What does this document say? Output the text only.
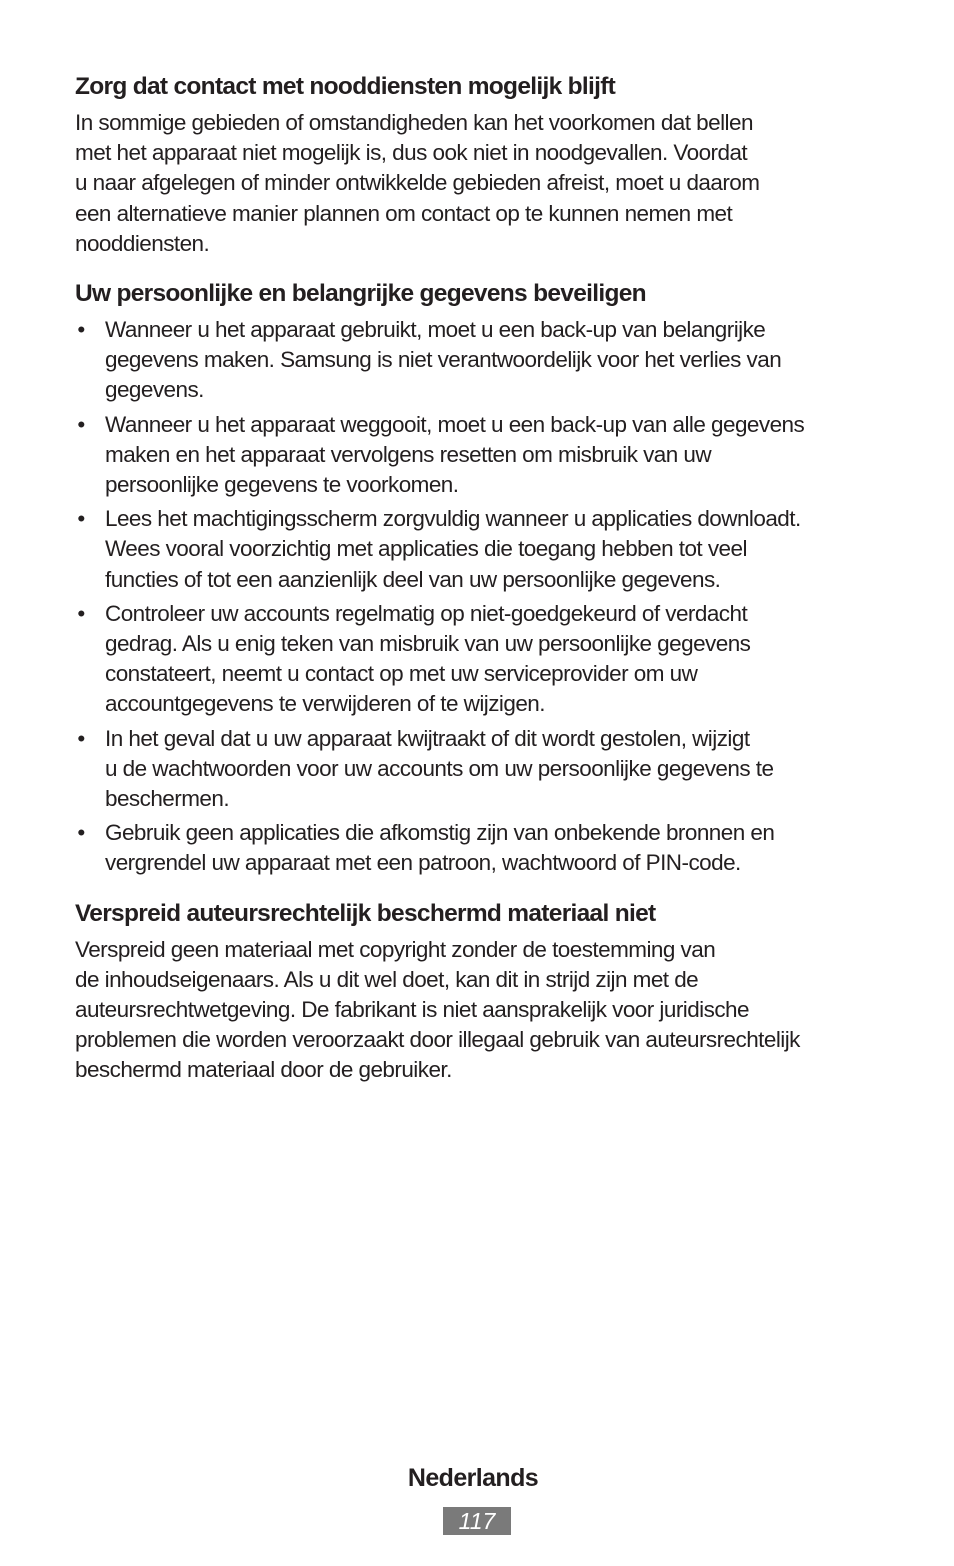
Zorg dat contact met nooddiensten mogelijk blijft

In sommige gebieden of omstandigheden kan het voorkomen dat bellen
met het apparaat niet mogelijk is, dus ook niet in noodgevallen. Voordat
u naar afgelegen of minder ontwikkelde gebieden afreist, moet u daarom
een alternatieve manier plannen om contact op te kunnen nemen met
nooddiensten.

Uw persoonlijke en belangrijke gegevens beveiligen
• Wanneer u het apparaat gebruikt, moet u een back-up van belangrijke
gegevens maken. Samsung is niet verantwoordelijk voor het verlies van
gegevens.
• Wanneer u het apparaat weggooit, moet u een back-up van alle gegevens
maken en het apparaat vervolgens resetten om misbruik van uw
persoonlijke gegevens te voorkomen.
• Lees het machtigingsscherm zorgvuldig wanneer u applicaties downloadt.
Wees vooral voorzichtig met applicaties die toegang hebben tot veel
functies of tot een aanzienlijk deel van uw persoonlijke gegevens.
• Controleer uw accounts regelmatig op niet-goedgekeurd of verdacht
gedrag. Als u enig teken van misbruik van uw persoonlijke gegevens
constateert, neemt u contact op met uw serviceprovider om uw
accountgegevens te verwijderen of te wijzigen.
• In het geval dat u uw apparaat kwijtraakt of dit wordt gestolen, wijzigt
u de wachtwoorden voor uw accounts om uw persoonlijke gegevens te
beschermen.
• Gebruik geen applicaties die afkomstig zijn van onbekende bronnen en
vergrendel uw apparaat met een patroon, wachtwoord of PIN-code.
Verspreid auteursrechtelijk beschermd materiaal niet

Verspreid geen materiaal met copyright zonder de toestemming van
de inhoudseigenaars. Als u dit wel doet, kan dit in strijd zijn met de
auteursrechtwetgeving. De fabrikant is niet aansprakelijk voor juridische
problemen die worden veroorzaakt door illegaal gebruik van auteursrechtelijk
beschermd materiaal door de gebruiker.

Nederlands
117
